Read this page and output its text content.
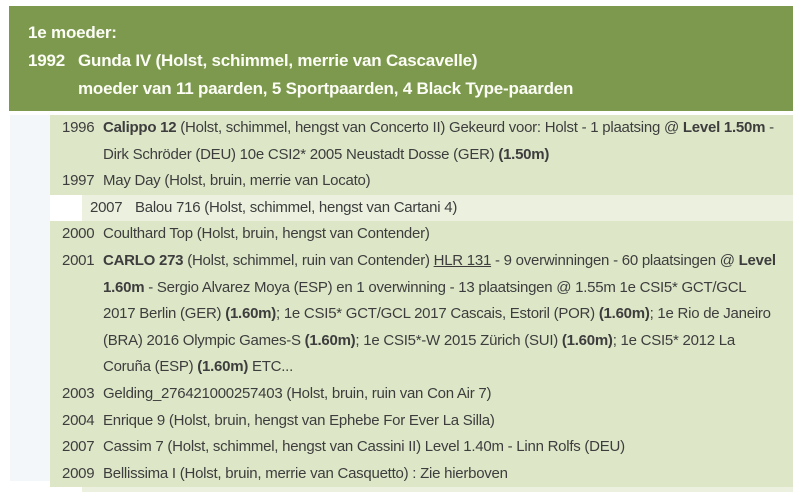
1e moeder:
1992 Gunda IV (Holst, schimmel, merrie van Cascavelle)
moeder van 11 paarden, 5 Sportpaarden, 4 Black Type-paarden
1996 Calippo 12 (Holst, schimmel, hengst van Concerto II) Gekeurd voor: Holst - 1 plaatsing @ Level 1.50m - Dirk Schröder (DEU) 10e CSI2* 2005 Neustadt Dosse (GER) (1.50m)
1997 May Day (Holst, bruin, merrie van Locato)
2007 Balou 716 (Holst, schimmel, hengst van Cartani 4)
2000 Coulthard Top (Holst, bruin, hengst van Contender)
2001 CARLO 273 (Holst, schimmel, ruin van Contender) HLR 131 - 9 overwinningen - 60 plaatsingen @ Level 1.60m - Sergio Alvarez Moya (ESP) en 1 overwinning - 13 plaatsingen @ 1.55m 1e CSI5* GCT/GCL 2017 Berlin (GER) (1.60m); 1e CSI5* GCT/GCL 2017 Cascais, Estoril (POR) (1.60m); 1e Rio de Janeiro (BRA) 2016 Olympic Games-S (1.60m); 1e CSI5*-W 2015 Zürich (SUI) (1.60m); 1e CSI5* 2012 La Coruña (ESP) (1.60m) ETC...
2003 Gelding_276421000257403 (Holst, bruin, ruin van Con Air 7)
2004 Enrique 9 (Holst, bruin, hengst van Ephebe For Ever La Silla)
2007 Cassim 7 (Holst, schimmel, hengst van Cassini II) Level 1.40m - Linn Rolfs (DEU)
2009 Bellissima I (Holst, bruin, merrie van Casquetto) : Zie hierboven
